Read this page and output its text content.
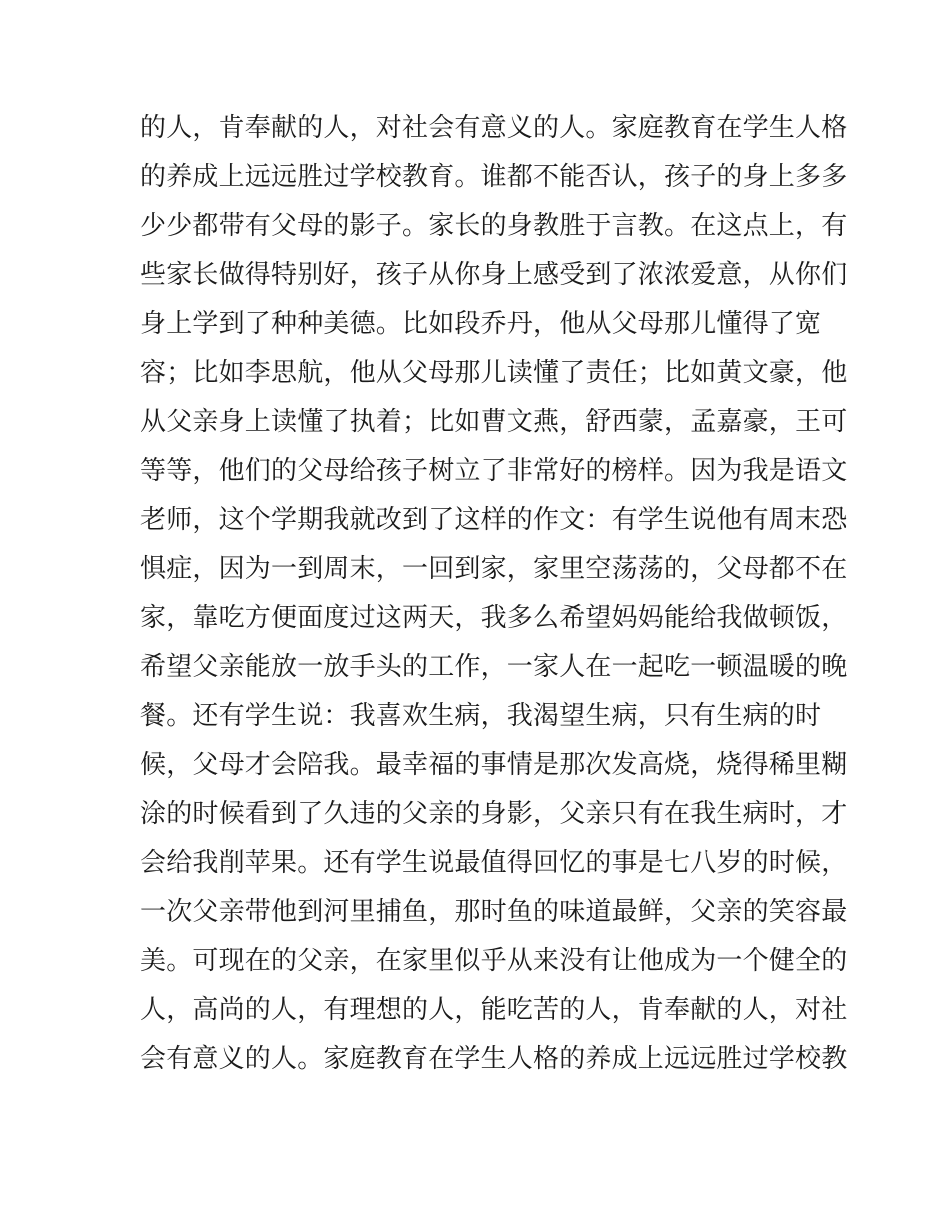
的人，肯奉献的人，对社会有意义的人。家庭教育在学生人格
的养成上远远胜过学校教育。谁都不能否认，孩子的身上多多
少少都带有父母的影子。家长的身教胜于言教。在这点上，有
些家长做得特别好，孩子从你身上感受到了浓浓爱意，从你们
身上学到了种种美德。比如段乔丹，他从父母那儿懂得了宽
容；比如李思航，他从父母那儿读懂了责任；比如黄文豪，他
从父亲身上读懂了执着；比如曹文燕，舒西蒙，孟嘉豪，王可
等等，他们的父母给孩子树立了非常好的榜样。因为我是语文
老师，这个学期我就改到了这样的作文：有学生说他有周末恐
惧症，因为一到周末，一回到家，家里空荡荡的，父母都不在
家，靠吃方便面度过这两天，我多么希望妈妈能给我做顿饭，
希望父亲能放一放手头的工作，一家人在一起吃一顿温暖的晚
餐。还有学生说：我喜欢生病，我渴望生病，只有生病的时
候，父母才会陪我。最幸福的事情是那次发高烧，烧得稀里糊
涂的时候看到了久违的父亲的身影，父亲只有在我生病时，才
会给我削苹果。还有学生说最值得回忆的事是七八岁的时候，
一次父亲带他到河里捕鱼，那时鱼的味道最鲜，父亲的笑容最
美。可现在的父亲，在家里似乎从来没有让他成为一个健全的
人，高尚的人，有理想的人，能吃苦的人，肯奉献的人，对社
会有意义的人。家庭教育在学生人格的养成上远远胜过学校教
